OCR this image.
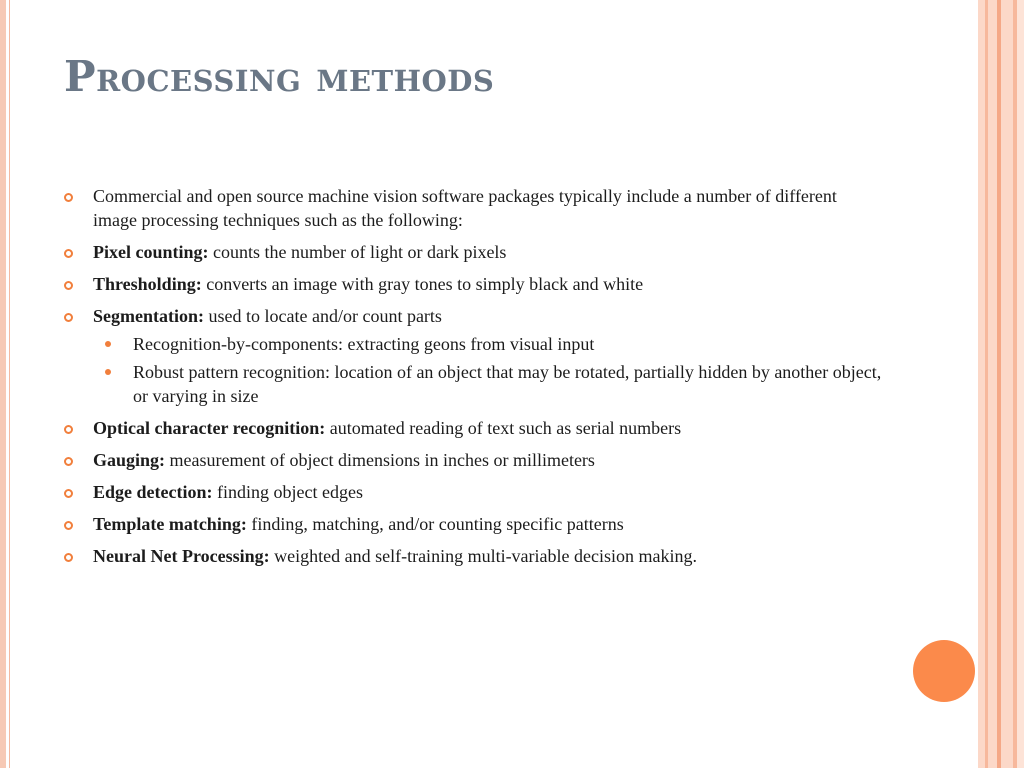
Processing methods
Commercial and open source machine vision software packages typically include a number of different image processing techniques such as the following:
Pixel counting: counts the number of light or dark pixels
Thresholding: converts an image with gray tones to simply black and white
Segmentation: used to locate and/or count parts
Recognition-by-components: extracting geons from visual input
Robust pattern recognition: location of an object that may be rotated, partially hidden by another object, or varying in size
Optical character recognition: automated reading of text such as serial numbers
Gauging: measurement of object dimensions in inches or millimeters
Edge detection: finding object edges
Template matching: finding, matching, and/or counting specific patterns
Neural Net Processing: weighted and self-training multi-variable decision making.
